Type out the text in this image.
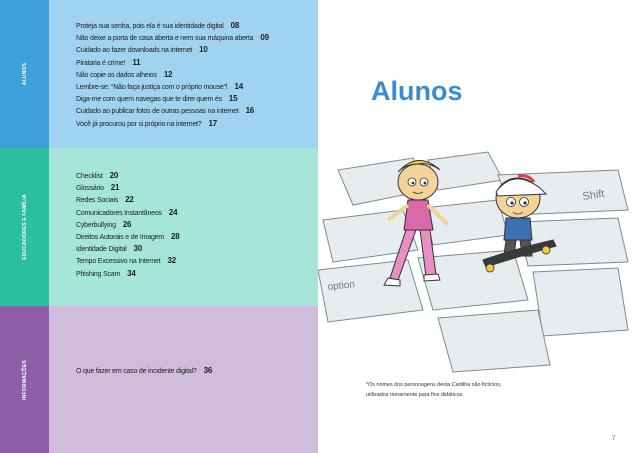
ALUNOS
Proteja sua senha, pois ela é sua identidade digital 08
Não deixe a porta de casa aberta e nem sua máquina aberta 09
Cuidado ao fazer downloads na internet 10
Pirataria é crime! 11
Não copie os dados alheios 12
Lembre-se: “Não faça justiça com o próprio mouse”! 14
Diga-me com quem navegas que te direi quem és 15
Cuidado ao publicar fotos de outras pessoas na internet 16
Você já procurou por si próprio na internet? 17
EDUCADORES E FAMÍLIA
Checklist 20
Glossário 21
Redes Sociais 22
Comunicadores Instantâneos 24
Cyberbullying 26
Direitos Autorais e de Imagem 28
Identidade Digital 30
Tempo Excessivo na Internet 32
Phishing Scam 34
INFORMAÇÕES	O que fazer em caso de incidente digital? 36
Alunos
Shift
option
*Os nomes dos personagens desta Cartilha são fictícios, utilizados meramente para fins didáticos.
7
